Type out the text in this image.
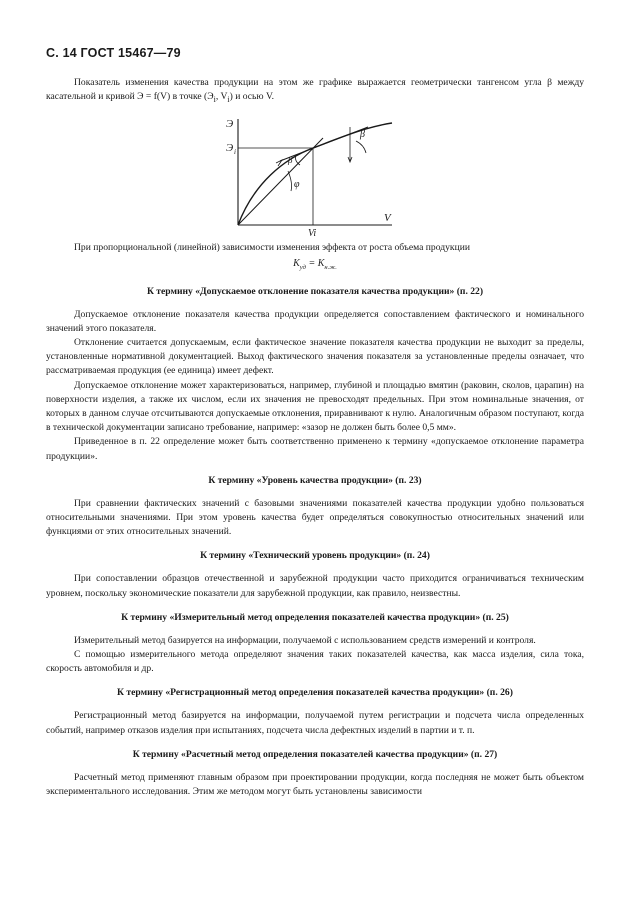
С. 14 ГОСТ 15467—79

Показатель изменения качества продукции на этом же графике выражается геометрически тангенсом угла β между касательной и кривой Э = f(V) в точке ($Э_i$, $V_i$) и осью V.

Э
V
Э i
Vi
φ
β
β

При пропорциональной (линейной) зависимости изменения эффекта от роста объема продукции

$K_{уд} = K_{н.ж.}$
К термину «Допускаемое отклонение показателя качества продукции» (п. 22)

Допускаемое отклонение показателя качества продукции определяется сопоставлением фактического и номинального значений этого показателя.

Отклонение считается допускаемым, если фактическое значение показателя качества продукции не выходит за пределы, установленные нормативной документацией. Выход фактического значения показателя за установленные пределы означает, что рассматриваемая продукция (ее единица) имеет дефект.

Допускаемое отклонение может характеризоваться, например, глубиной и площадью вмятин (раковин, сколов, царапин) на поверхности изделия, а также их числом, если их значения не превосходят предельных. При этом номинальные значения, от которых в данном случае отсчитываются допускаемые отклонения, приравнивают к нулю. Аналогичным образом поступают, когда в технической документации записано требование, например: «зазор не должен быть более 0,5 мм».

Приведенное в п. 22 определение может быть соответственно применено к термину «допускаемое отклонение параметра продукции».

К термину «Уровень качества продукции» (п. 23)

При сравнении фактических значений с базовыми значениями показателей качества продукции удобно пользоваться относительными значениями. При этом уровень качества будет определяться совокупностью относительных значений или функциями от этих относительных значений.

К термину «Технический уровень продукции» (п. 24)

При сопоставлении образцов отечественной и зарубежной продукции часто приходится ограничиваться техническим уровнем, поскольку экономические показатели для зарубежной продукции, как правило, неизвестны.

К термину «Измерительный метод определения показателей качества продукции» (п. 25)

Измерительный метод базируется на информации, получаемой с использованием средств измерений и контроля.

С помощью измерительного метода определяют значения таких показателей качества, как масса изделия, сила тока, скорость автомобиля и др.

К термину «Регистрационный метод определения показателей качества продукции» (п. 26)

Регистрационный метод базируется на информации, получаемой путем регистрации и подсчета числа определенных событий, например отказов изделия при испытаниях, подсчета числа дефектных изделий в партии и т. п.

К термину «Расчетный метод определения показателей качества продукции» (п. 27)

Расчетный метод применяют главным образом при проектировании продукции, когда последняя не может быть объектом экспериментального исследования. Этим же методом могут быть установлены зависимости
